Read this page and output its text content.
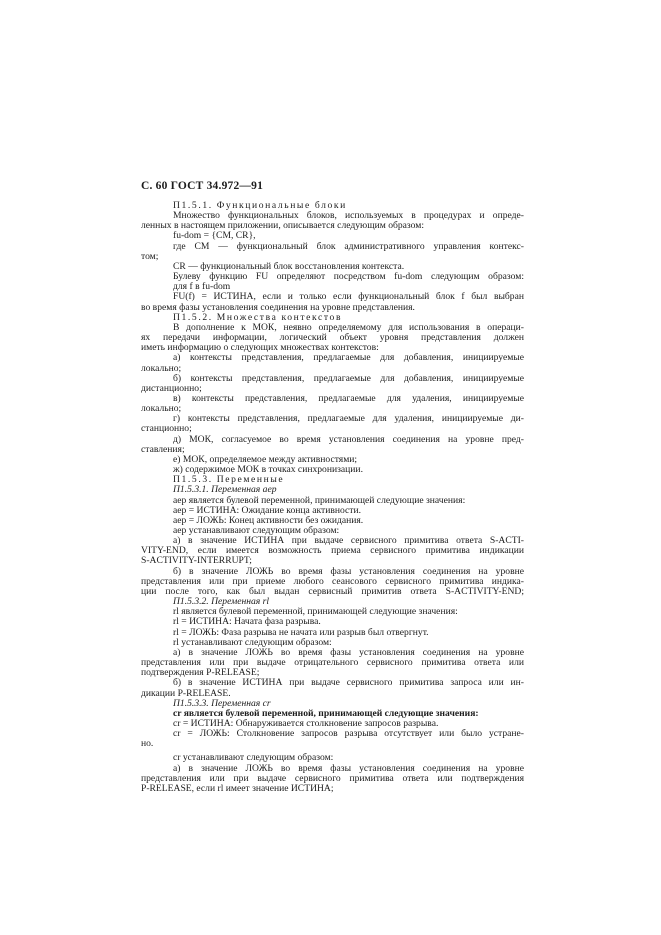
С. 60 ГОСТ 34.972—91
П1.5.1. Функциональные блоки
Множество функциональных блоков, используемых в процедурах и опреде-
ленных в настоящем приложении, описывается следующим образом:
fu-dom = {CM, CR},
где CM — функциональный блок административного управления контекс-
том;
CR — функциональный блок восстановления контекста.
Булеву функцию FU определяют посредством fu-dom следующим образом:
для f в fu-dom
FU(f) = ИСТИНА, если и только если функциональный блок f был выбран
во время фазы установления соединения на уровне представления.
П1.5.2. Множества контекстов
В дополнение к МОК, неявно определяемому для использования в операци-
ях передачи информации, логический объект уровня представления должен
иметь информацию о следующих множествах контекстов:
а) контексты представления, предлагаемые для добавления, инициируемые
локально;
б) контексты представления, предлагаемые для добавления, инициируемые
дистанционно;
в) контексты представления, предлагаемые для удаления, инициируемые
локально;
г) контексты представления, предлагаемые для удаления, инициируемые ди-
станционно;
д) МОК, согласуемое во время установления соединения на уровне пред-
ставления;
е) МОК, определяемое между активностями;
ж) содержимое МОК в точках синхронизации.
П1.5.3. Переменные
П1.5.3.1. Переменная aep
aep является булевой переменной, принимающей следующие значения:
aep = ИСТИНА: Ожидание конца активности.
aep = ЛОЖЬ: Конец активности без ожидания.
aep устанавливают следующим образом:
а) в значение ИСТИНА при выдаче сервисного примитива ответа S-ACTI-
VITY-END, если имеется возможность приема сервисного примитива индикации
S-ACTIVITY-INTERRUPT;
б) в значение ЛОЖЬ во время фазы установления соединения на уровне
представления или при приеме любого сеансового сервисного примитива индика-
ции после того, как был выдан сервисный примитив ответа S-ACTIVITY-END;
П1.5.3.2. Переменная rl
rl является булевой переменной, принимающей следующие значения:
rl = ИСТИНА: Начата фаза разрыва.
rl = ЛОЖЬ: Фаза разрыва не начата или разрыв был отвергнут.
rl устанавливают следующим образом:
а) в значение ЛОЖЬ во время фазы установления соединения на уровне
представления или при выдаче отрицательного сервисного примитива ответа или
подтверждения P-RELEASE;
б) в значение ИСТИНА при выдаче сервисного примитива запроса или ин-
дикации P-RELEASE.
П1.5.3.3. Переменная cr
cr является булевой переменной, принимающей следующие значения:
cr = ИСТИНА: Обнаруживается столкновение запросов разрыва.
cr = ЛОЖЬ: Столкновение запросов разрыва отсутствует или было устране-
но.
cr устанавливают следующим образом:
а) в значение ЛОЖЬ во время фазы установления соединения на уровне
представления или при выдаче сервисного примитива ответа или подтверждения
P-RELEASE, если rl имеет значение ИСТИНА;
